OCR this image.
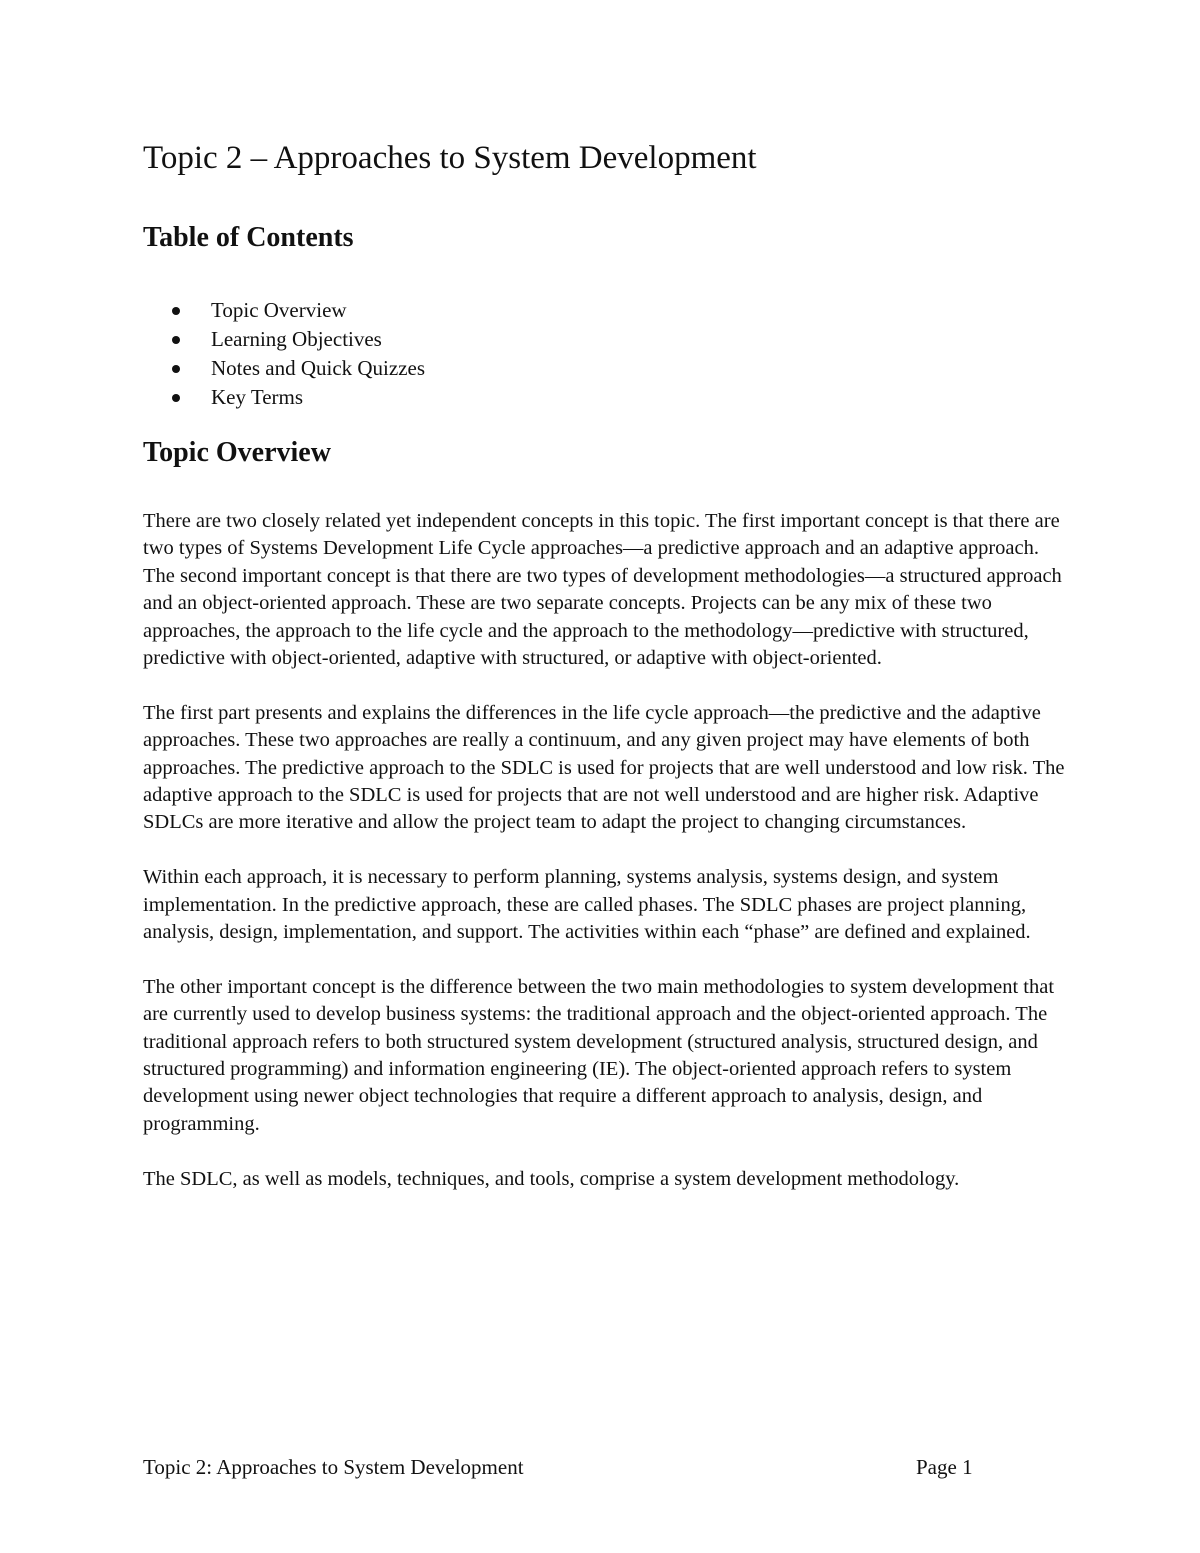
Topic 2 – Approaches to System Development
Table of Contents
Topic Overview
Learning Objectives
Notes and Quick Quizzes
Key Terms
Topic Overview

There are two closely related yet independent concepts in this topic. The first important concept is that there are two types of Systems Development Life Cycle approaches—a predictive approach and an adaptive approach. The second important concept is that there are two types of development methodologies—a structured approach and an object-oriented approach. These are two separate concepts. Projects can be any mix of these two approaches, the approach to the life cycle and the approach to the methodology—predictive with structured, predictive with object-oriented, adaptive with structured, or adaptive with object-oriented.

The first part presents and explains the differences in the life cycle approach—the predictive and the adaptive approaches. These two approaches are really a continuum, and any given project may have elements of both approaches. The predictive approach to the SDLC is used for projects that are well understood and low risk. The adaptive approach to the SDLC is used for projects that are not well understood and are higher risk. Adaptive SDLCs are more iterative and allow the project team to adapt the project to changing circumstances.

Within each approach, it is necessary to perform planning, systems analysis, systems design, and system implementation. In the predictive approach, these are called phases. The SDLC phases are project planning, analysis, design, implementation, and support. The activities within each “phase” are defined and explained.

The other important concept is the difference between the two main methodologies to system development that are currently used to develop business systems: the traditional approach and the object-oriented approach. The traditional approach refers to both structured system development (structured analysis, structured design, and structured programming) and information engineering (IE). The object-oriented approach refers to system development using newer object technologies that require a different approach to analysis, design, and programming.

The SDLC, as well as models, techniques, and tools, comprise a system development methodology.

Topic 2: Approaches to System Development	Page 1
